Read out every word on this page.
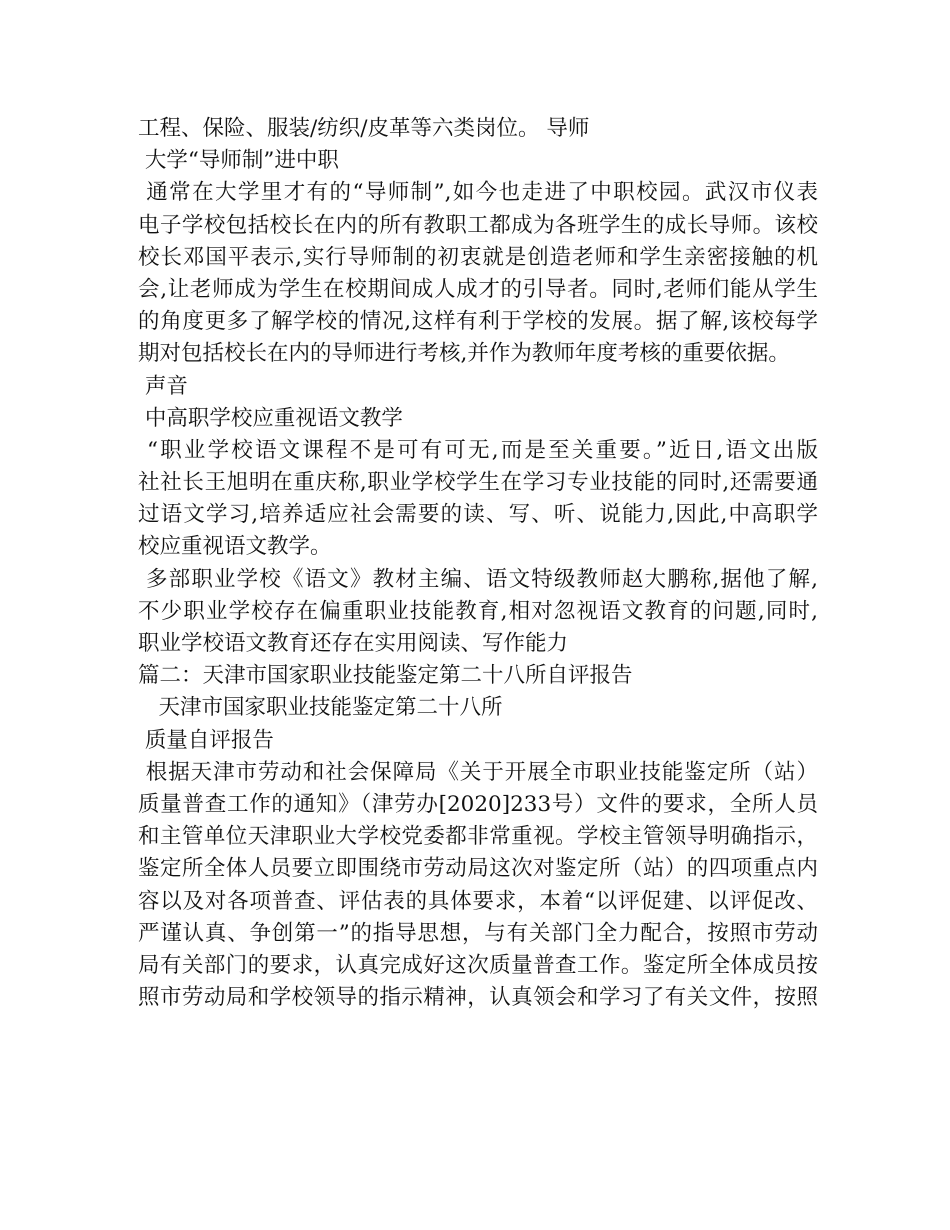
工程、保险、服装/纺织/皮革等六类岗位。 导师
大学“导师制”进中职
通常在大学里才有的“导师制”,如今也走进了中职校园。武汉市仪表
电子学校包括校长在内的所有教职工都成为各班学生的成长导师。该校
校长邓国平表示,实行导师制的初衷就是创造老师和学生亲密接触的机
会,让老师成为学生在校期间成人成才的引导者。同时,老师们能从学生
的角度更多了解学校的情况,这样有利于学校的发展。据了解,该校每学
期对包括校长在内的导师进行考核,并作为教师年度考核的重要依据。
声音
中高职学校应重视语文教学
“职业学校语文课程不是可有可无,而是至关重要。”近日,语文出版
社社长王旭明在重庆称,职业学校学生在学习专业技能的同时,还需要通
过语文学习,培养适应社会需要的读、写、听、说能力,因此,中高职学
校应重视语文教学。
多部职业学校《语文》教材主编、语文特级教师赵大鹏称,据他了解,
不少职业学校存在偏重职业技能教育,相对忽视语文教育的问题,同时,
职业学校语文教育还存在实用阅读、写作能力
篇二：天津市国家职业技能鉴定第二十八所自评报告
天津市国家职业技能鉴定第二十八所
质量自评报告
根据天津市劳动和社会保障局《关于开展全市职业技能鉴定所（站）
质量普查工作的通知》（津劳办[2020]233号）文件的要求，全所人员
和主管单位天津职业大学校党委都非常重视。学校主管领导明确指示，
鉴定所全体人员要立即围绕市劳动局这次对鉴定所（站）的四项重点内
容以及对各项普查、评估表的具体要求，本着“以评促建、以评促改、
严谨认真、争创第一”的指导思想，与有关部门全力配合，按照市劳动
局有关部门的要求，认真完成好这次质量普查工作。鉴定所全体成员按
照市劳动局和学校领导的指示精神，认真领会和学习了有关文件，按照
